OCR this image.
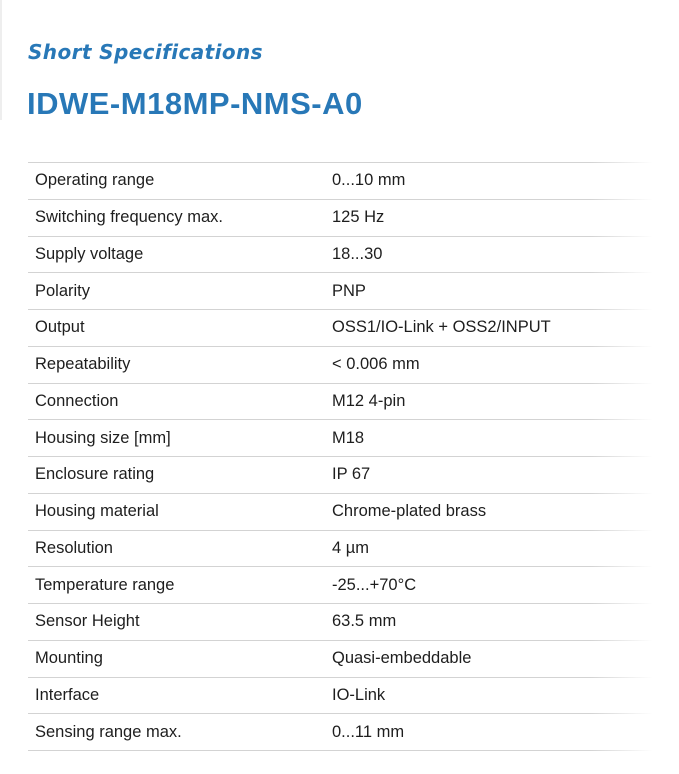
Short Specifications
IDWE-M18MP-NMS-A0
Operating range	0...10 mm
Switching frequency max.	125 Hz
Supply voltage	18...30
Polarity	PNP
Output	OSS1/IO-Link + OSS2/INPUT
Repeatability	< 0.006 mm
Connection	M12 4-pin
Housing size [mm]	M18
Enclosure rating	IP 67
Housing material	Chrome-plated brass
Resolution	4 µm
Temperature range	-25...+70°C
Sensor Height	63.5 mm
Mounting	Quasi-embeddable
Interface	IO-Link
Sensing range max.	0...11 mm
